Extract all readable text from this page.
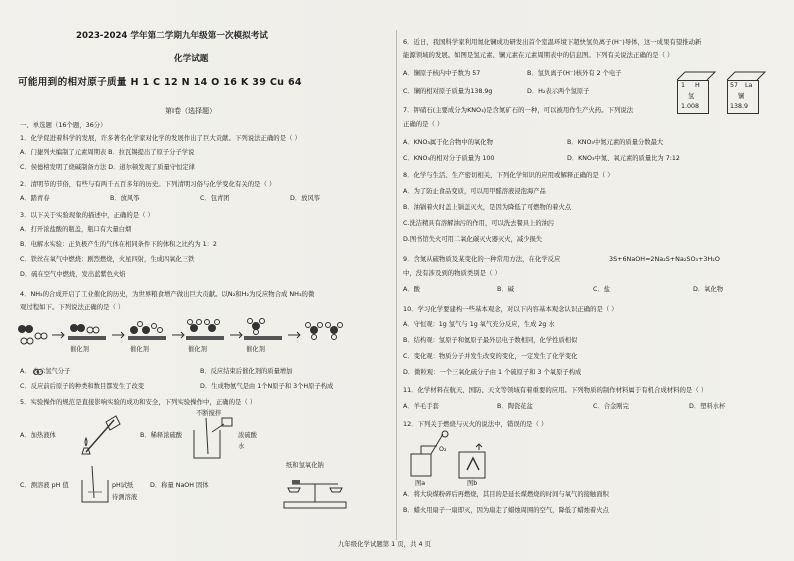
2023-2024 学年第二学期九年级第一次模拟考试
化学试题
可能用到的相对原子质量 H 1 C 12 N 14 O 16 K 39 Cu 64
第Ⅰ卷（选择题）
一、单选题（16个题，36分）
1．化学促进着科学的发展，许多著名化学家对化学的发展作出了巨大贡献。下列说法正确的是（ ）
A．门捷列夫编制了元素周期表 B．拉瓦锡提出了原子分子学说
C．侯德榜发明了烧碱制备方法 D．道尔顿发现了质量守恒定律
2．清明节的节俗，有些与有两千五百多年的历史。下列清明习俗与化学变化有关的是（ ）
A．踏青春	B．放风筝	C．包青团	D．放风筝
3．以下关于实验现象的描述中，正确的是（ ）
A．打开浓盐酸的瓶盖，瓶口有大量白烟
B．电解水实验：正负极产生的气体在相同条件下的体积之比约为 1：2
C．铁丝在氧气中燃烧：剧烈燃烧，火星四射，生成四氧化三铁
D．硫在空气中燃烧，发出蓝紫色火焰
4．NH₃的合成开启了工业催化的历史，为世界粮食增产做出巨大贡献。以N₂和H₂为反应物合成 NH₃的微
观过程如下。下列说法正确的是（ ）
催化剂	催化剂	催化剂	催化剂
A． 表示氢气分子	B．反应结束后催化剂的质量增加
C．反应前后原子的种类和数目都发生了改变	D．生成物氨气是由 1个N原子和 3个H原子构成
5．实验操作的规范是直接影响实验的成功和安全，下列实验操作中，正确的是（ ）
A．加热液体	B．稀释浓硫酸
不断搅拌
浓硫酸
水
C．测溶液 pH 值	pH试纸
待测溶液
D．称量 NaOH 固体
纸和氢氧化钠
6．近日，我国科学家利用氮化镧成功研发出首个室温环境下超快氢负离子(H⁻)导体，这一成果有望推动新
能源领域的发展。如图是氢元素、镧元素在元素周期表中的信息图。下列有关说法正确的是（ ）
A．镧原子核内中子数为 57	B．氢负离子(H⁻)核外有 2 个电子
C．镧的相对原子质量为138.9g	D．H₂表示两个氢原子
1 H
氢
1.008
57 La
镧
138.9
7．钾硝石(主要成分为KNO₃)是含氮矿石的一种，可以被用作生产火药。下列说法
正确的是（ ）
A．KNO₃属于化合物中的氧化物	B．KNO₃中氮元素的质量分数最大
C．KNO₃的相对分子质量为 100	D．KNO₃中氮、氧元素的质量比为 7:12
8．化学与生活、生产密切相关，下列化学知识的应用或解释正确的是（ ）
A．为了防止食品变质，可以用甲醛溶液浸泡海产品
B．油锅着火时盖上锅盖灭火，是因为降低了可燃物的着火点
C.洗洁精具有溶解油污的作用，可以洗去餐具上的油污
D.图书馆失火可用二氧化碳灭火器灭火，减少损失
9．含氮从硫物质及某变化的一种常用方法，在化学反应	3S+6NaOH=2Na₂S+Na₂SO₃+3H₂O
中，没有涉及到的物质类别是（ ）
A．酸	B．碱	C．盐	D．氧化物
10．学习化学要建构一些基本观念，对以下内容基本观念认识正确的是（ ）
A．守恒观：1g 氢气与 1g 氧气充分反应，生成 2g 水
B．结构观：氢原子和氦原子最外层电子数相同，化学性质相似
C．变化观：物质分子并发生改变的变化，一定发生了化学变化
D．微粒观：一个三氧化硫分子由 1 个硫原子和 3 个氧原子构成
11．化学材料在航天、国防、天文等领域有着重要的应用。下列物质的制作材料属于有机合成材料的是（ ）
A．羊毛手套	B．陶瓷花盆	C．合金刚完	D．塑料水杯
12．下列关于燃烧与灭火的说法中，错误的是（ ）
图a	图b
O₂
A．将大块煤粉碎后再燃烧，其目的是延长煤燃烧的时间与氧气的接触面积
B．蜡火用扇子一扇即灭，因为扇走了蜡烛周围的空气，降低了蜡烛着火点
九年级化学试题第 1 页，共 4 页
